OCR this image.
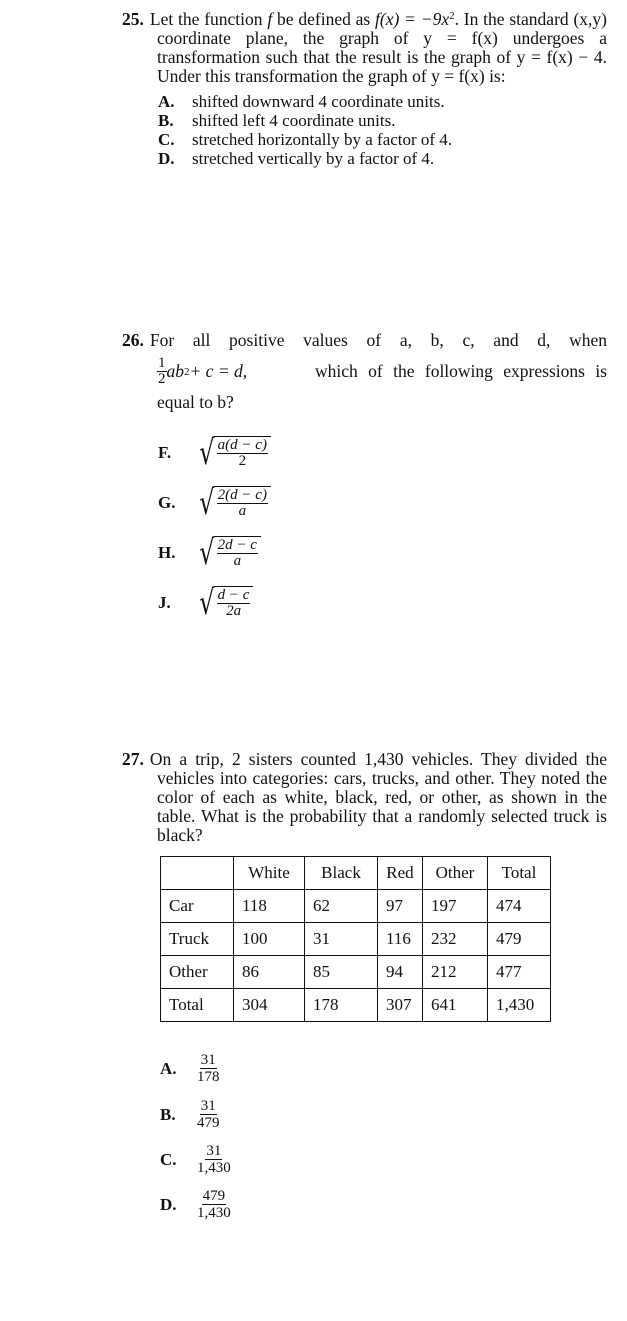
25. Let the function f be defined as $f(x) = -9x^2$. In the standard (x,y) coordinate plane, the graph of y = f(x) undergoes a transformation such that the result is the graph of y = f(x) − 4. Under this transformation the graph of y = f(x) is:
A.	shifted downward 4 coordinate units.
B.	shifted left 4 coordinate units.
C.	stretched horizontally by a factor of 4.
D.	stretched vertically by a factor of 4.
26. For all positive values of a, b, c, and d, when
$\frac{1}{2}$ ab 2 + c = d,	which of the following expressions is
equal to b?
F. √ $\frac{a(d - c)}{2}$
G. √ $\frac{2(d - c)}{a}$
H. √ $\frac{2d - c}{a}$
J. √ $\frac{d - c}{2a}$
27. On a trip, 2 sisters counted 1,430 vehicles. They divided the vehicles into categories: cars, trucks, and other. They noted the color of each as white, black, red, or other, as shown in the table. What is the probability that a randomly selected truck is black?
	White	Black	Red	Other	Total
Car	118	62	97	197	474
Truck	100	31	116	232	479
Other	86	85	94	212	477
Total	304	178	307	641	1,430
A.	$\frac{31}{178}$
B.	$\frac{31}{479}$
C.	$\frac{31}{1,430}$
D.	$\frac{479}{1,430}$
